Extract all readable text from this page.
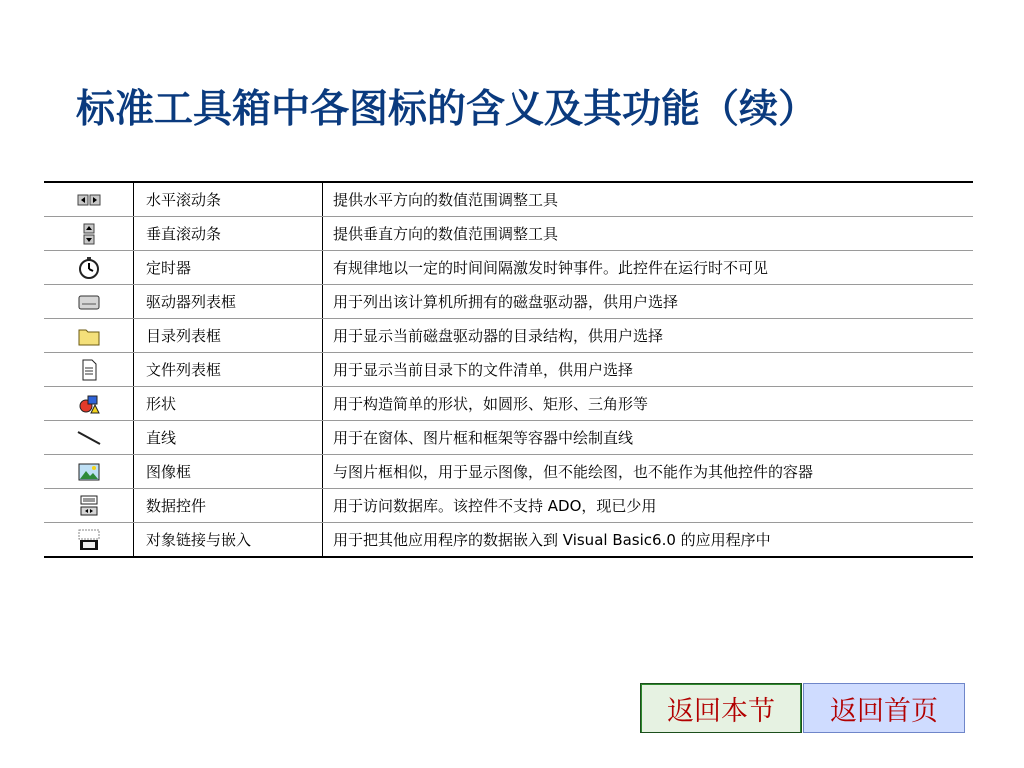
标准工具箱中各图标的含义及其功能（续）
	水平滚动条	提供水平方向的数值范围调整工具
	垂直滚动条	提供垂直方向的数值范围调整工具
	定时器	有规律地以一定的时间间隔激发时钟事件。此控件在运行时不可见
	驱动器列表框	用于列出该计算机所拥有的磁盘驱动器，供用户选择
	目录列表框	用于显示当前磁盘驱动器的目录结构，供用户选择
	文件列表框	用于显示当前目录下的文件清单，供用户选择
	形状	用于构造简单的形状，如圆形、矩形、三角形等
	直线	用于在窗体、图片框和框架等容器中绘制直线
	图像框	与图片框相似，用于显示图像，但不能绘图，也不能作为其他控件的容器
	数据控件	用于访问数据库。该控件不支持 ADO，现已少用
	对象链接与嵌入	用于把其他应用程序的数据嵌入到 Visual Basic6.0 的应用程序中
返回本节	返回首页
